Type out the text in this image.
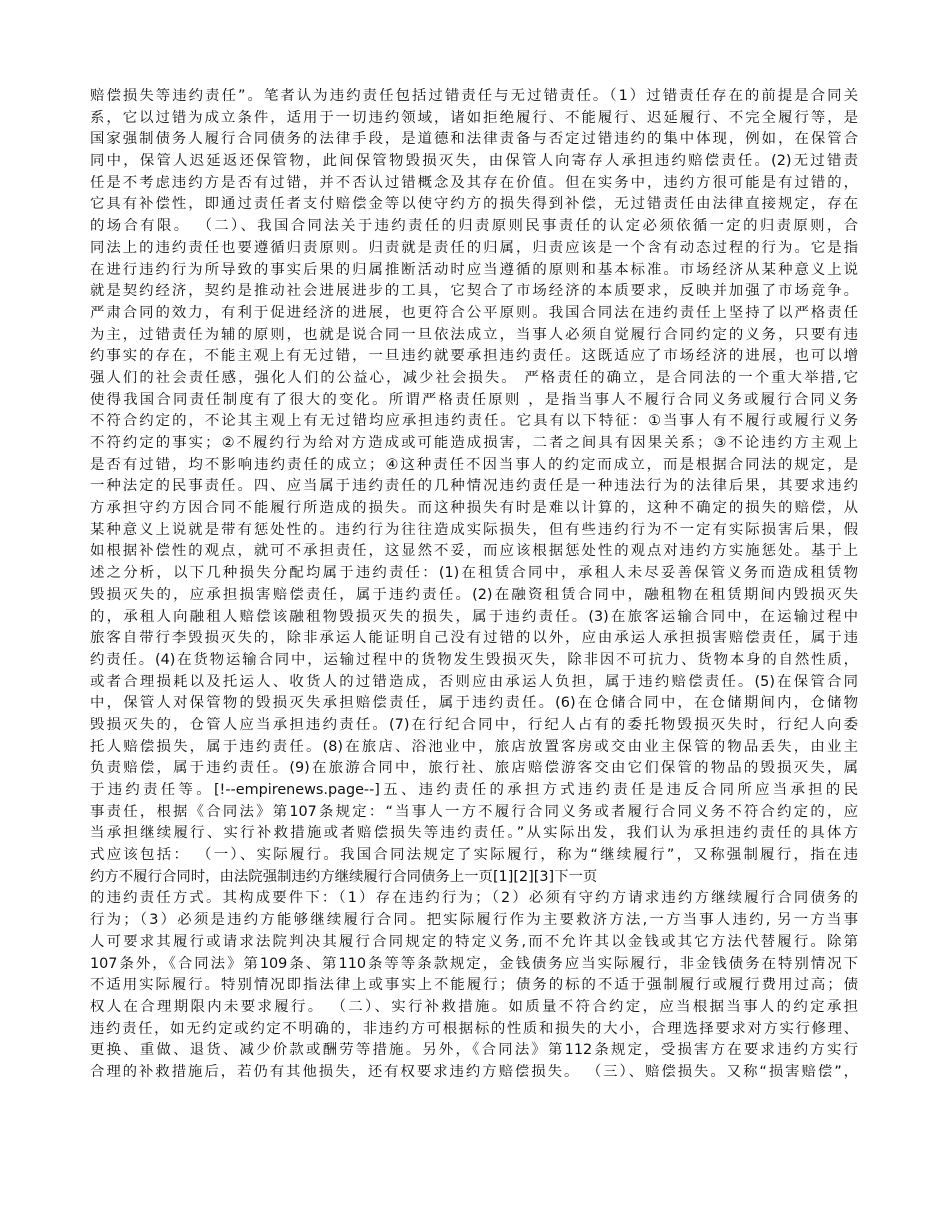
赔偿损失等违约责任”。笔者认为违约责任包括过错责任与无过错责任。（1）过错责任存在的前提是合同关
系，它以过错为成立条件，适用于一切违约领域，诸如拒绝履行、不能履行、迟延履行、不完全履行等，是
国家强制债务人履行合同债务的法律手段，是道德和法律责备与否定过错违约的集中体现，例如，在保管合
同中，保管人迟延返还保管物，此间保管物毁损灭失，由保管人向寄存人承担违约赔偿责任。(2)无过错责
任是不考虑违约方是否有过错，并不否认过错概念及其存在价值。但在实务中，违约方很可能是有过错的，
它具有补偿性，即通过责任者支付赔偿金等以使守约方的损失得到补偿，无过错责任由法律直接规定，存在
的场合有限。 （二）、我国合同法关于违约责任的归责原则民事责任的认定必须依循一定的归责原则，合
同法上的违约责任也要遵循归责原则。归责就是责任的归属，归责应该是一个含有动态过程的行为。它是指
在进行违约行为所导致的事实后果的归属推断活动时应当遵循的原则和基本标准。市场经济从某种意义上说
就是契约经济，契约是推动社会进展进步的工具，它契合了市场经济的本质要求，反映并加强了市场竞争。
严肃合同的效力，有利于促进经济的进展，也更符合公平原则。我国合同法在违约责任上坚持了以严格责任
为主，过错责任为辅的原则，也就是说合同一旦依法成立，当事人必须自觉履行合同约定的义务，只要有违
约事实的存在，不能主观上有无过错，一旦违约就要承担违约责任。这既适应了市场经济的进展，也可以增
强人们的社会责任感，强化人们的公益心，减少社会损失。 严格责任的确立，是合同法的一个重大举措,它
使得我国合同责任制度有了很大的变化。所谓严格责任原则 ，是指当事人不履行合同义务或履行合同义务
不符合约定的，不论其主观上有无过错均应承担违约责任。它具有以下特征：①当事人有不履行或履行义务
不符约定的事实；②不履约行为给对方造成或可能造成损害，二者之间具有因果关系；③不论违约方主观上
是否有过错，均不影响违约责任的成立；④这种责任不因当事人的约定而成立，而是根据合同法的规定，是
一种法定的民事责任。四、应当属于违约责任的几种情况违约责任是一种违法行为的法律后果，其要求违约
方承担守约方因合同不能履行所造成的损失。而这种损失有时是难以计算的，这种不确定的损失的赔偿，从
某种意义上说就是带有惩处性的。违约行为往往造成实际损失，但有些违约行为不一定有实际损害后果，假
如根据补偿性的观点，就可不承担责任，这显然不妥，而应该根据惩处性的观点对违约方实施惩处。基于上
述之分析，以下几种损失分配均属于违约责任：(1)在租赁合同中，承租人未尽妥善保管义务而造成租赁物
毁损灭失的，应承担损害赔偿责任，属于违约责任。(2)在融资租赁合同中，融租物在租赁期间内毁损灭失
的，承租人向融租人赔偿该融租物毁损灭失的损失，属于违约责任。(3)在旅客运输合同中，在运输过程中
旅客自带行李毁损灭失的，除非承运人能证明自己没有过错的以外，应由承运人承担损害赔偿责任，属于违
约责任。(4)在货物运输合同中，运输过程中的货物发生毁损灭失，除非因不可抗力、货物本身的自然性质，
或者合理损耗以及托运人、收货人的过错造成，否则应由承运人负担，属于违约赔偿责任。(5)在保管合同
中，保管人对保管物的毁损灭失承担赔偿责任，属于违约责任。(6)在仓储合同中，在仓储期间内，仓储物
毁损灭失的，仓管人应当承担违约责任。(7)在行纪合同中，行纪人占有的委托物毁损灭失时，行纪人向委
托人赔偿损失，属于违约责任。(8)在旅店、浴池业中，旅店放置客房或交由业主保管的物品丢失，由业主
负责赔偿，属于违约责任。(9)在旅游合同中，旅行社、旅店赔偿游客交由它们保管的物品的毁损灭失，属
于违约责任等。[!--empirenews.page--]五、违约责任的承担方式违约责任是违反合同所应当承担的民
事责任，根据《合同法》第107条规定：“当事人一方不履行合同义务或者履行合同义务不符合约定的，应
当承担继续履行、实行补救措施或者赔偿损失等违约责任。”从实际出发，我们认为承担违约责任的具体方
式应该包括： （一）、实际履行。我国合同法规定了实际履行，称为“继续履行”，又称强制履行，指在违
约方不履行合同时，由法院强制违约方继续履行合同债务上一页[1][2][3]下一页
的违约责任方式。其构成要件下：（1）存在违约行为；（2）必须有守约方请求违约方继续履行合同债务的
行为；（3）必须是违约方能够继续履行合同。把实际履行作为主要救济方法,一方当事人违约, 另一方当事
人可要求其履行或请求法院判决其履行合同规定的特定义务,而不允许其以金钱或其它方法代替履行。除第
107条外，《合同法》第109条、第110条等等条款规定，金钱债务应当实际履行，非金钱债务在特别情况下
不适用实际履行。特别情况即指法律上或事实上不能履行；债务的标的不适于强制履行或履行费用过高；债
权人在合理期限内未要求履行。 （二）、实行补救措施。如质量不符合约定，应当根据当事人的约定承担
违约责任，如无约定或约定不明确的，非违约方可根据标的性质和损失的大小，合理选择要求对方实行修理、
更换、重做、退货、减少价款或酬劳等措施。另外，《合同法》第112条规定，受损害方在要求违约方实行
合理的补救措施后，若仍有其他损失，还有权要求违约方赔偿损失。 （三）、赔偿损失。又称“损害赔偿”，
